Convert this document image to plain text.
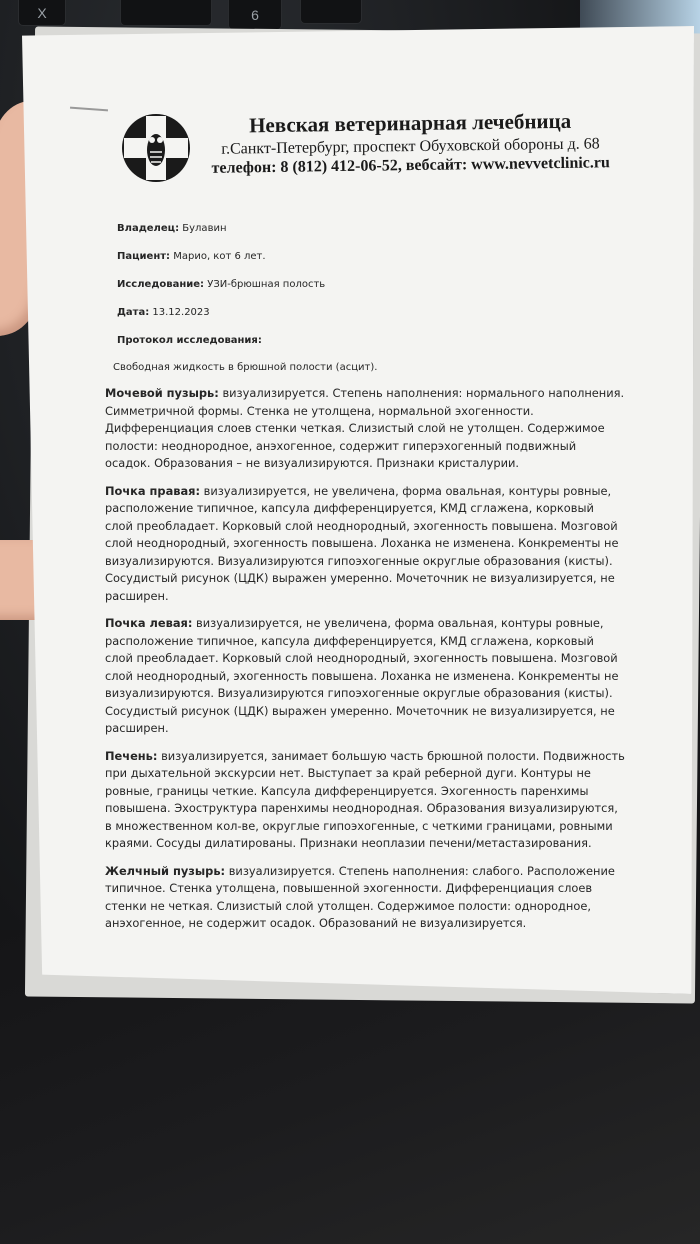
X	6

Невская ветеринарная лечебница

г.Санкт-Петербург, проспект Обуховской обороны д. 68

телефон: 8 (812) 412-06-52, вебсайт: www.nevvetclinic.ru

Владелец: Булавин
Пациент: Марио, кот 6 лет.
Исследование: УЗИ-брюшная полость
Дата: 13.12.2023
Протокол исследования:
Свободная жидкость в брюшной полости (асцит).

Мочевой пузырь: визуализируется. Степень наполнения: нормального наполнения. Симметричной формы. Стенка не утолщена, нормальной эхогенности. Дифференциация слоев стенки четкая. Слизистый слой не утолщен. Содержимое полости: неоднородное, анэхогенное, содержит гиперэхогенный подвижный осадок. Образования – не визуализируются. Признаки кристалурии.

Почка правая: визуализируется, не увеличена, форма овальная, контуры ровные, расположение типичное, капсула дифференцируется, КМД сглажена, корковый слой преобладает. Корковый слой неоднородный, эхогенность повышена. Мозговой слой неоднородный, эхогенность повышена. Лоханка не изменена. Конкременты не визуализируются. Визуализируются гипоэхогенные округлые образования (кисты). Сосудистый рисунок (ЦДК) выражен умеренно. Мочеточник не визуализируется, не расширен.

Почка левая: визуализируется, не увеличена, форма овальная, контуры ровные, расположение типичное, капсула дифференцируется, КМД сглажена, корковый слой преобладает. Корковый слой неоднородный, эхогенность повышена. Мозговой слой неоднородный, эхогенность повышена. Лоханка не изменена. Конкременты не визуализируются. Визуализируются гипоэхогенные округлые образования (кисты). Сосудистый рисунок (ЦДК) выражен умеренно. Мочеточник не визуализируется, не расширен.

Печень: визуализируется, занимает большую часть брюшной полости. Подвижность при дыхательной экскурсии нет. Выступает за край реберной дуги. Контуры не ровные, границы четкие. Капсула дифференцируется. Эхогенность паренхимы повышена. Эхоструктура паренхимы неоднородная. Образования визуализируются, в множественном кол-ве, округлые гипоэхогенные, с четкими границами, ровными краями. Сосуды дилатированы. Признаки неоплазии печени/метастазирования.

Желчный пузырь: визуализируется. Степень наполнения: слабого. Расположение типичное. Стенка утолщена, повышенной эхогенности. Дифференциация слоев стенки не четкая. Слизистый слой утолщен. Содержимое полости: однородное, анэхогенное, не содержит осадок. Образований не визуализируется.
